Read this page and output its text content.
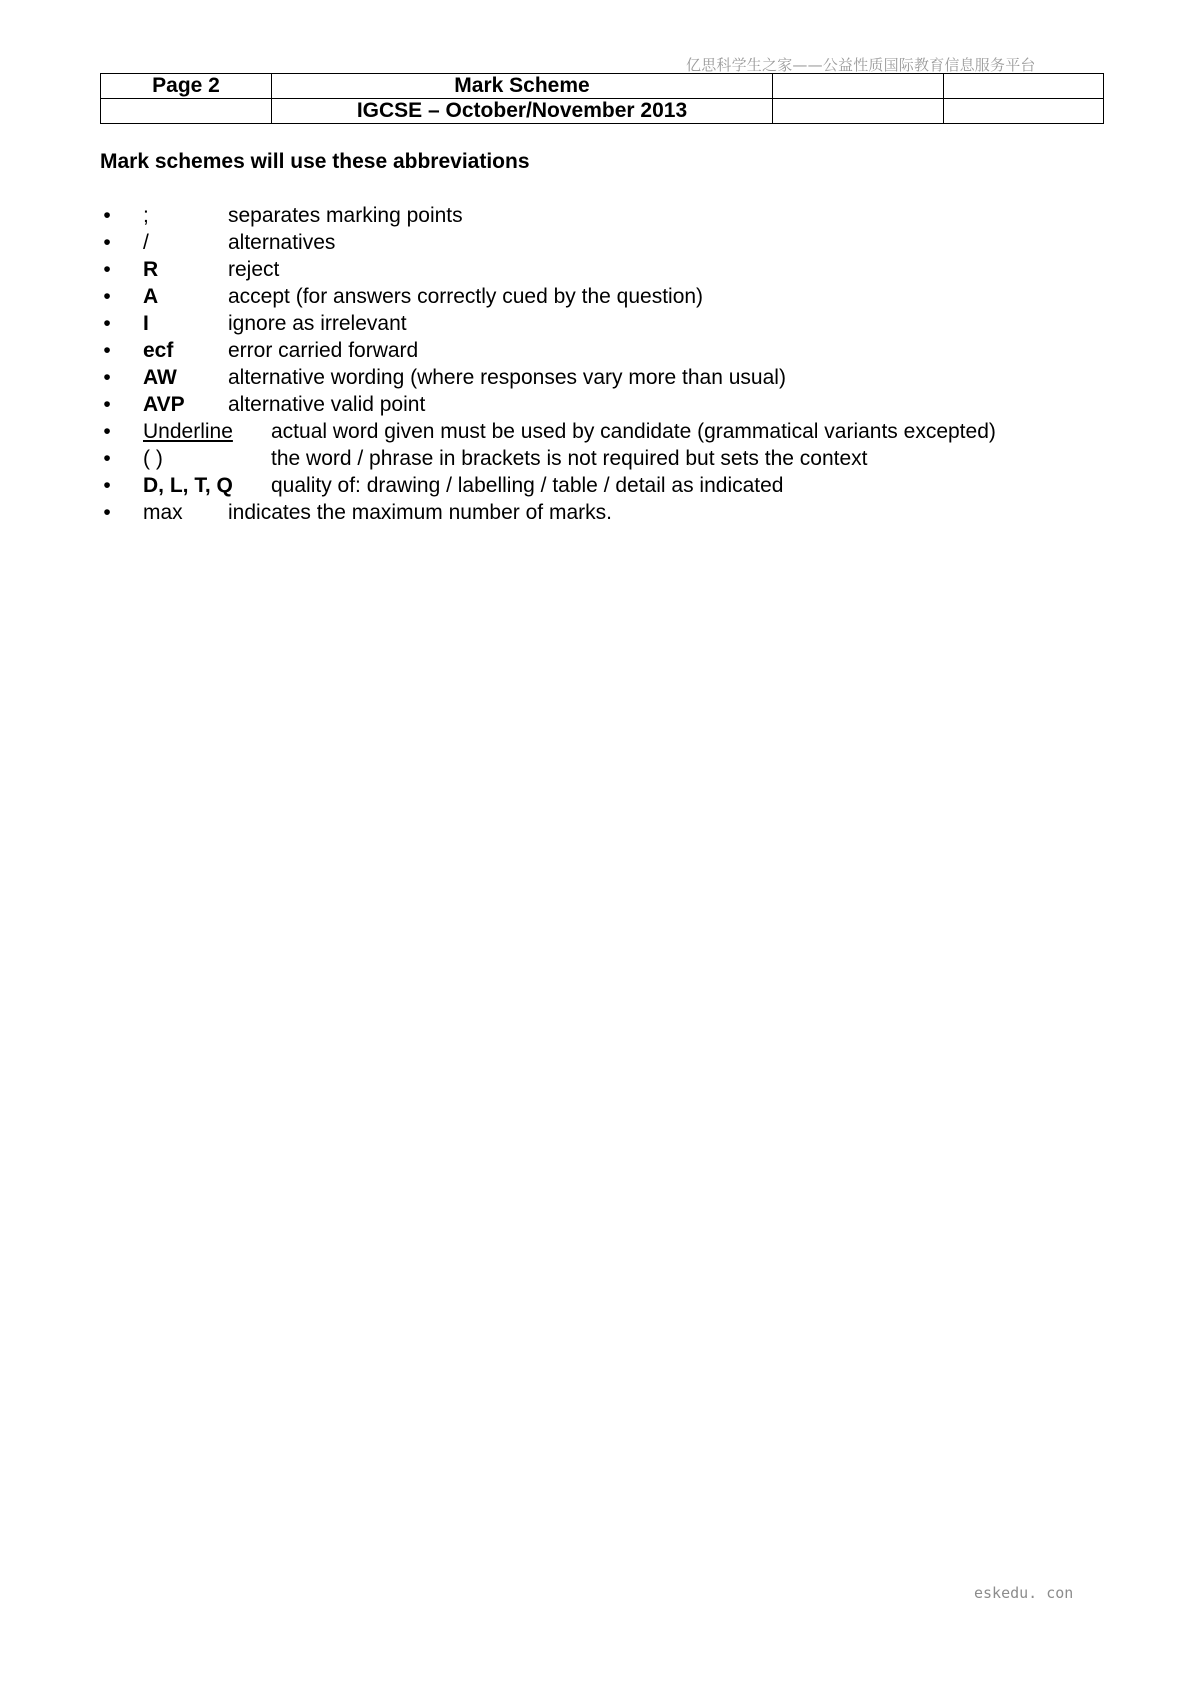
亿思科学生之家——公益性质国际教育信息服务平台
Page 2	Mark Scheme		
	IGCSE – October/November 2013		
Mark schemes will use these abbreviations
• ;	separates marking points
• /	alternatives
• R	reject
• A	accept (for answers correctly cued by the question)
• I	ignore as irrelevant
• ecf	error carried forward
• AW alternative wording (where responses vary more than usual)
• AVP alternative valid point
• Underline actual word given must be used by candidate (grammatical variants excepted)
• ( )	the word / phrase in brackets is not required but sets the context
• D, L, T, Q quality of: drawing / labelling / table / detail as indicated
• max indicates the maximum number of marks.
eskedu. con
